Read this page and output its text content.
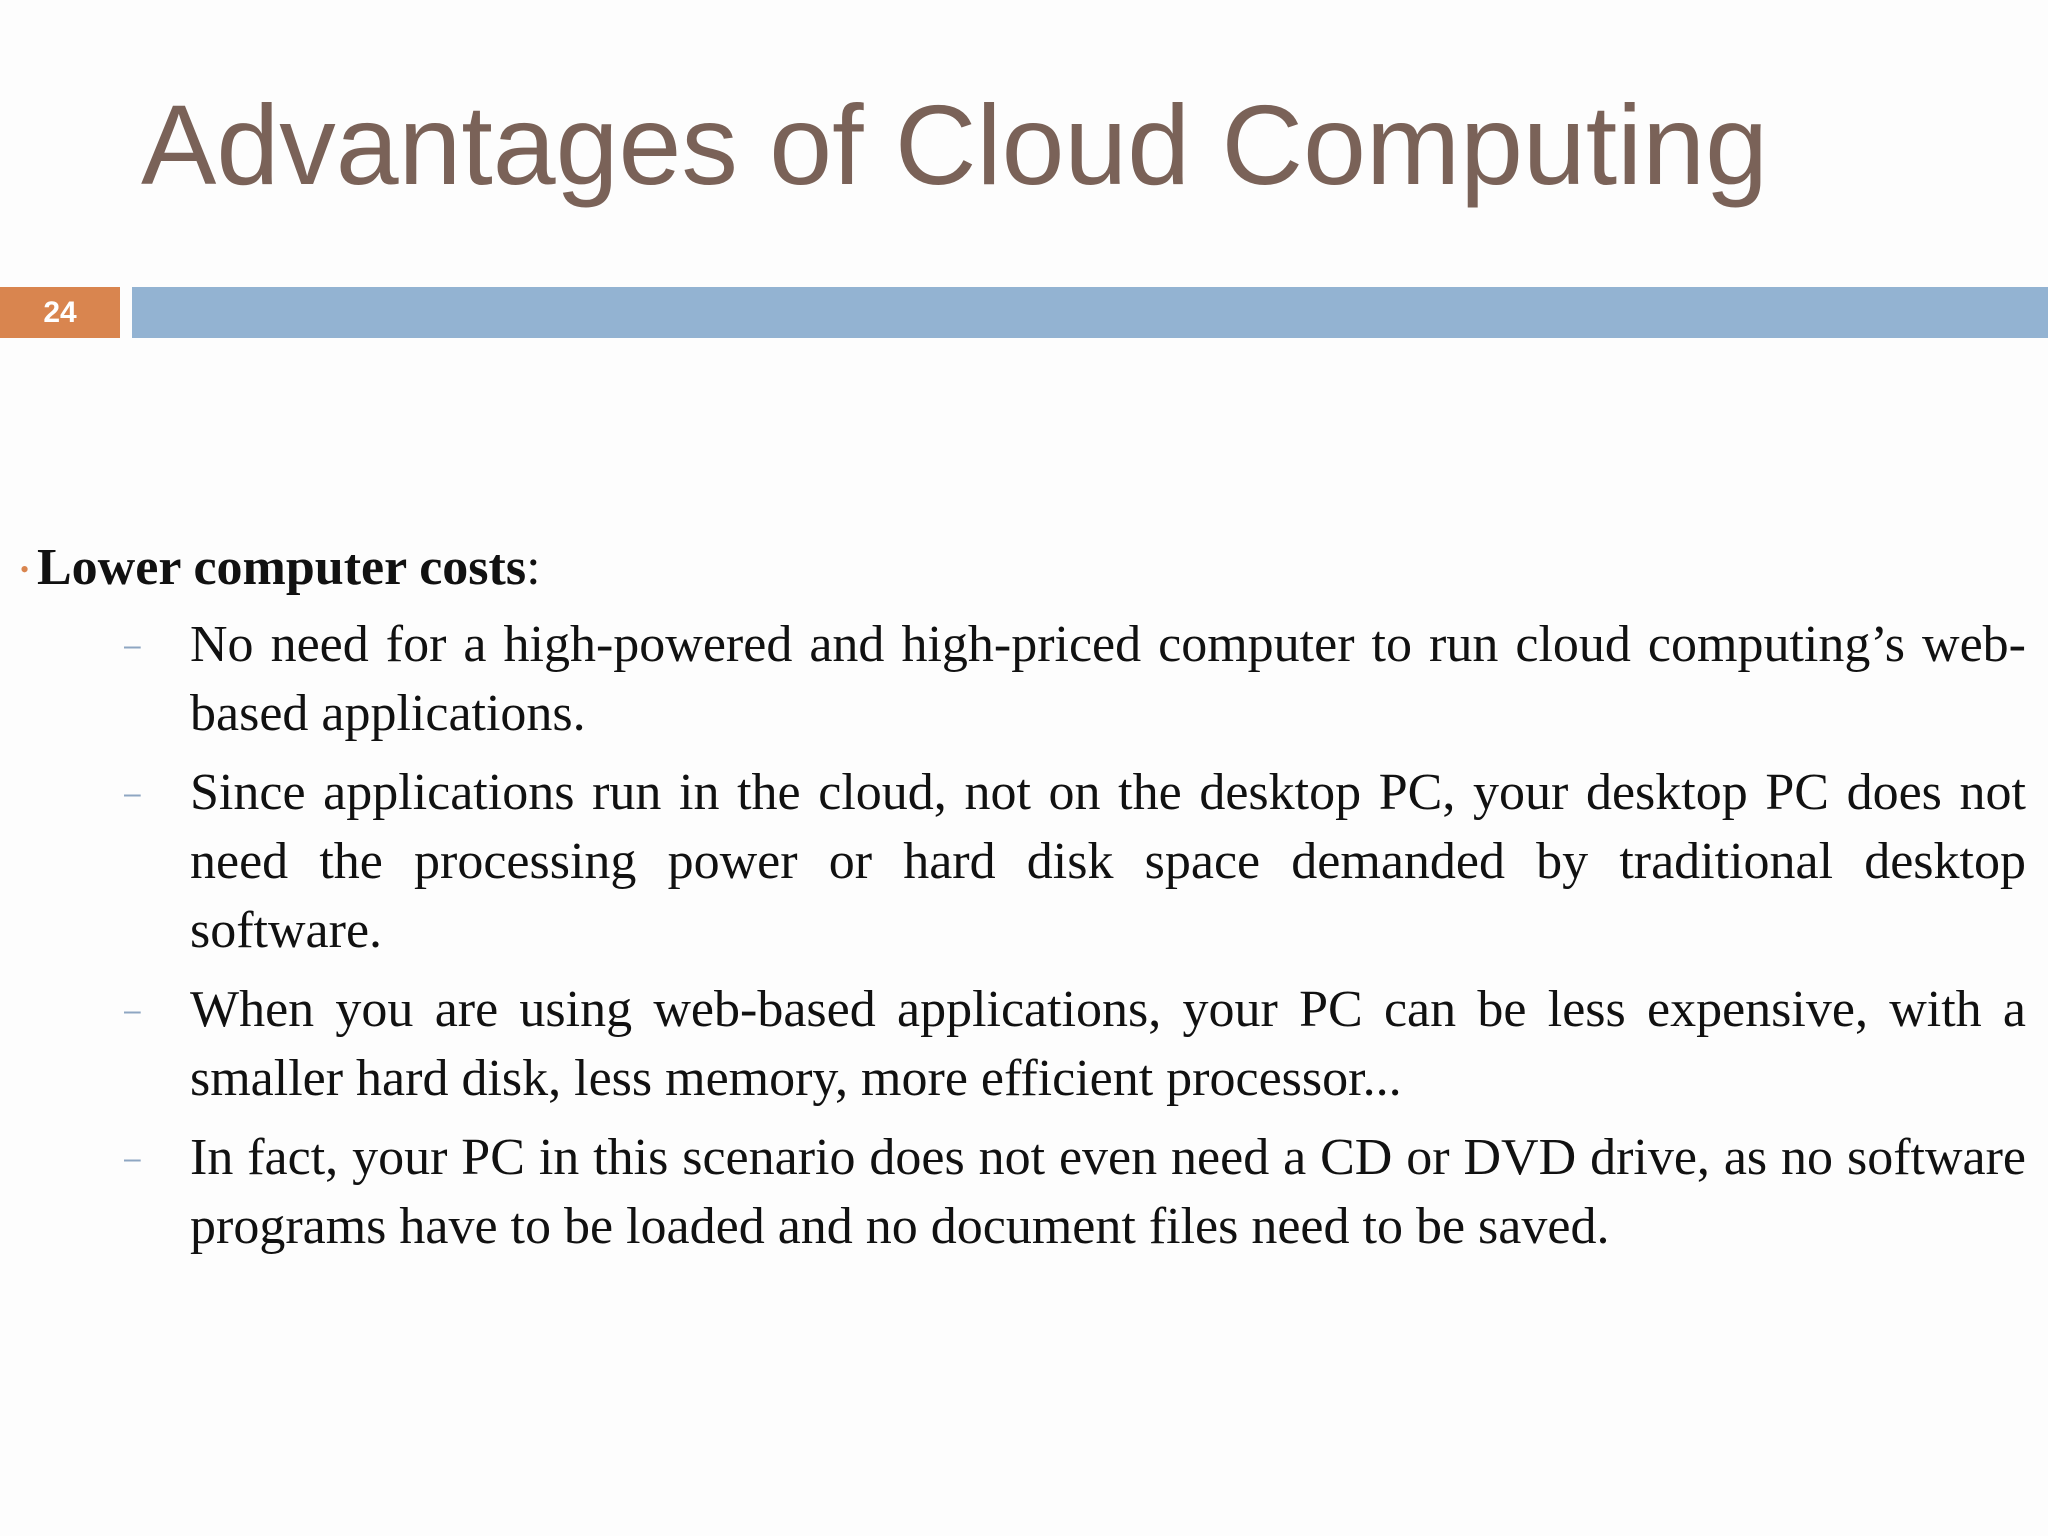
Advantages of Cloud Computing
24
• Lower computer costs:
– No need for a high-powered and high-priced computer to run cloud computing’s web-based applications.

– Since applications run in the cloud, not on the desktop PC, your desktop PC does not need the processing power or hard disk space demanded by traditional desktop software.

– When you are using web-based applications, your PC can be less expensive, with a smaller hard disk, less memory, more efficient processor...

– In fact, your PC in this scenario does not even need a CD or DVD drive, as no software programs have to be loaded and no document files need to be saved.
